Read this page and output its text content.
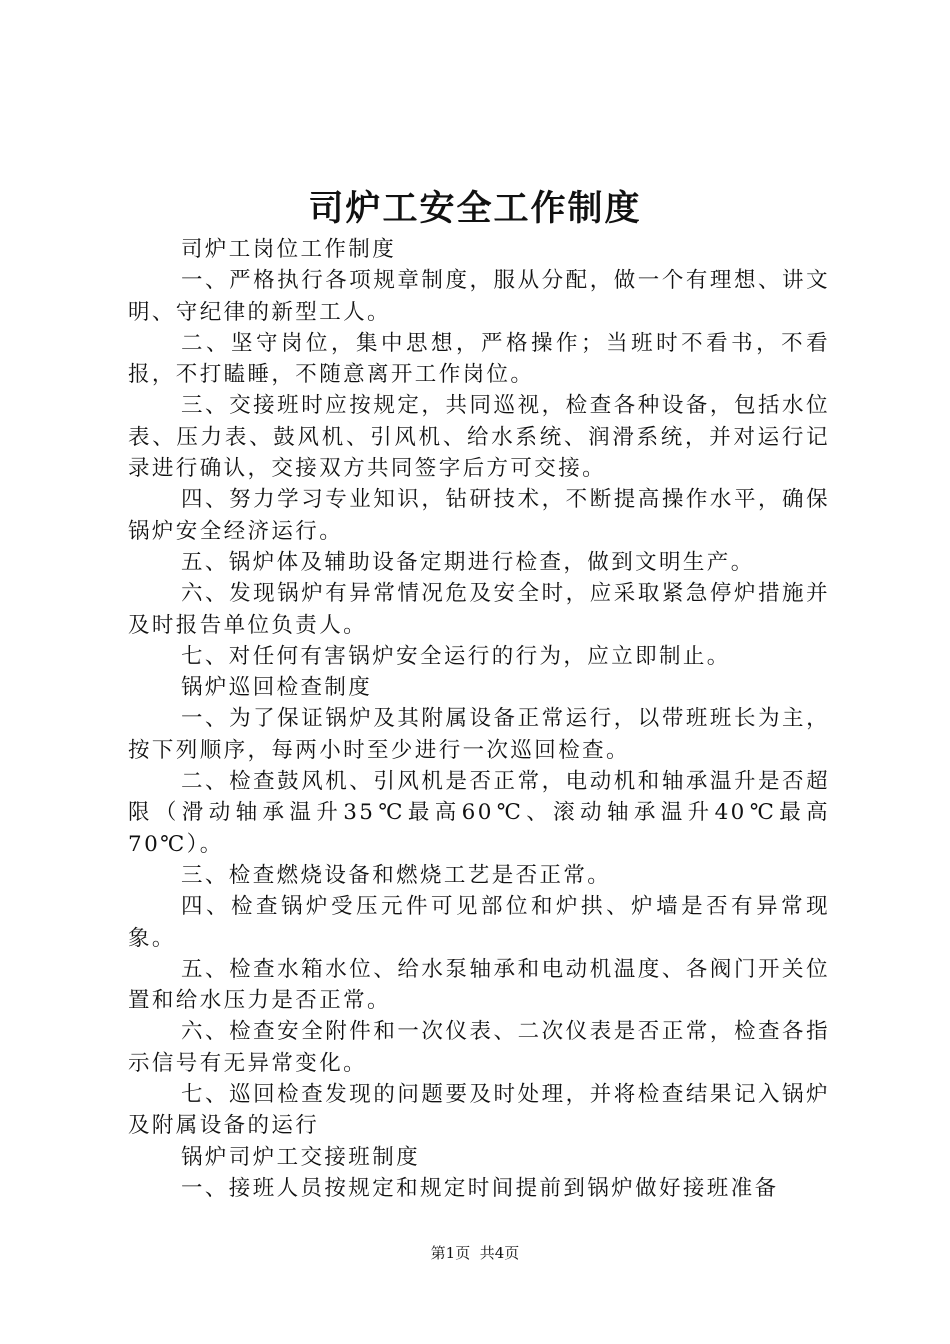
司炉工安全工作制度

司炉工岗位工作制度

一、严格执行各项规章制度，服从分配，做一个有理想、讲文明、守纪律的新型工人。

二、坚守岗位，集中思想，严格操作；当班时不看书，不看报，不打瞌睡，不随意离开工作岗位。

三、交接班时应按规定，共同巡视，检查各种设备，包括水位表、压力表、鼓风机、引风机、给水系统、润滑系统，并对运行记录进行确认，交接双方共同签字后方可交接。

四、努力学习专业知识，钻研技术，不断提高操作水平，确保锅炉安全经济运行。

五、锅炉体及辅助设备定期进行检查，做到文明生产。

六、发现锅炉有异常情况危及安全时，应采取紧急停炉措施并及时报告单位负责人。

七、对任何有害锅炉安全运行的行为，应立即制止。

锅炉巡回检查制度

一、为了保证锅炉及其附属设备正常运行，以带班班长为主，按下列顺序，每两小时至少进行一次巡回检查。

二、检查鼓风机、引风机是否正常，电动机和轴承温升是否超限（滑动轴承温升35℃最高60℃、滚动轴承温升40℃最高70℃）。

三、检查燃烧设备和燃烧工艺是否正常。

四、检查锅炉受压元件可见部位和炉拱、炉墙是否有异常现象。

五、检查水箱水位、给水泵轴承和电动机温度、各阀门开关位置和给水压力是否正常。

六、检查安全附件和一次仪表、二次仪表是否正常，检查各指示信号有无异常变化。

七、巡回检查发现的问题要及时处理，并将检查结果记入锅炉及附属设备的运行

锅炉司炉工交接班制度

一、接班人员按规定和规定时间提前到锅炉做好接班准备

第1页 共4页
